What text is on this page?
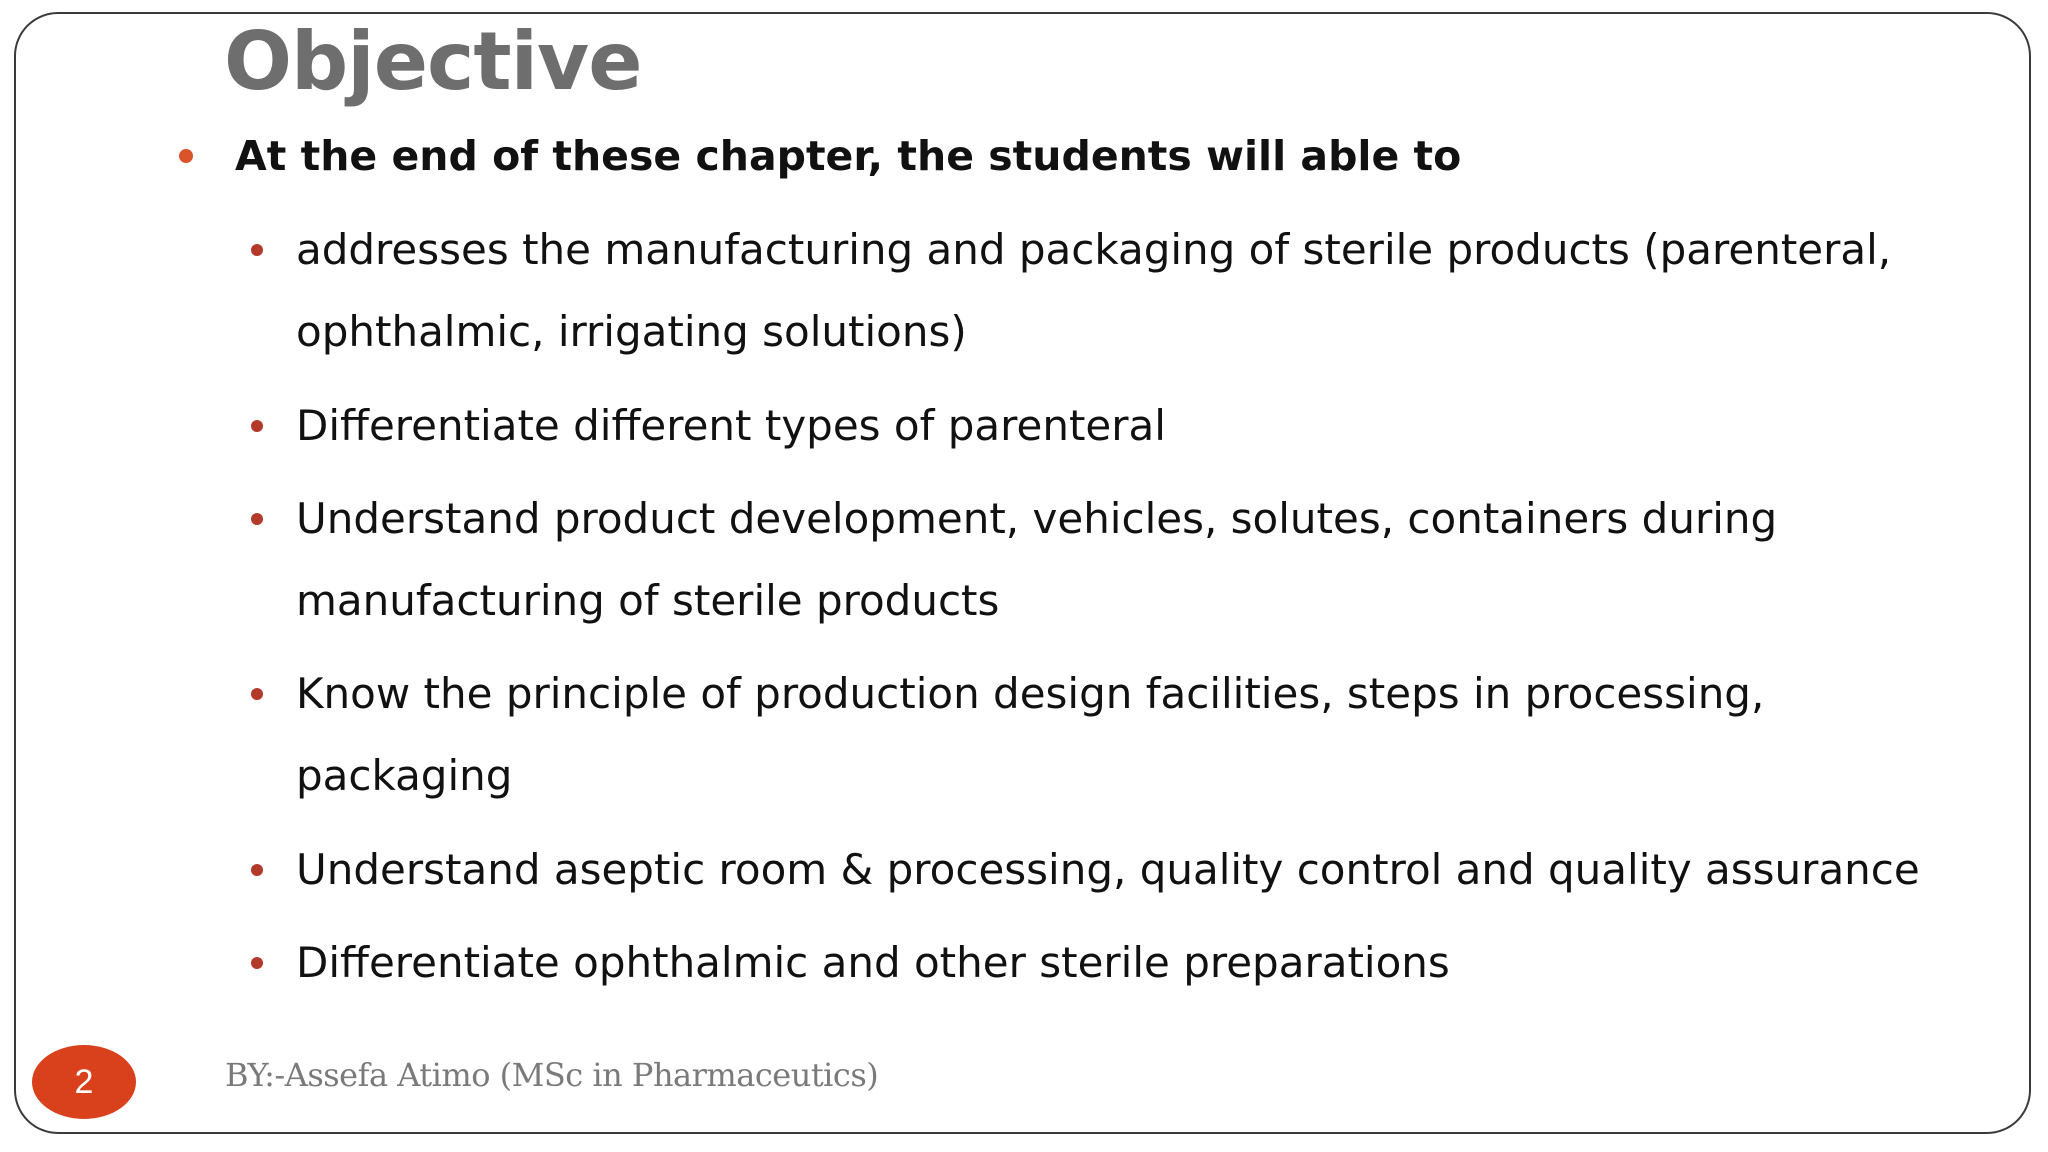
Objective
At the end of these chapter, the students will able to
addresses the manufacturing and packaging of sterile products (parenteral, ophthalmic, irrigating solutions)
Differentiate different types of parenteral
Understand product development, vehicles, solutes, containers during manufacturing of sterile products
Know the principle of production design facilities, steps in processing, packaging
Understand aseptic room & processing, quality control and quality assurance
Differentiate ophthalmic and other sterile preparations
2	BY:-Assefa Atimo (MSc in Pharmaceutics)
